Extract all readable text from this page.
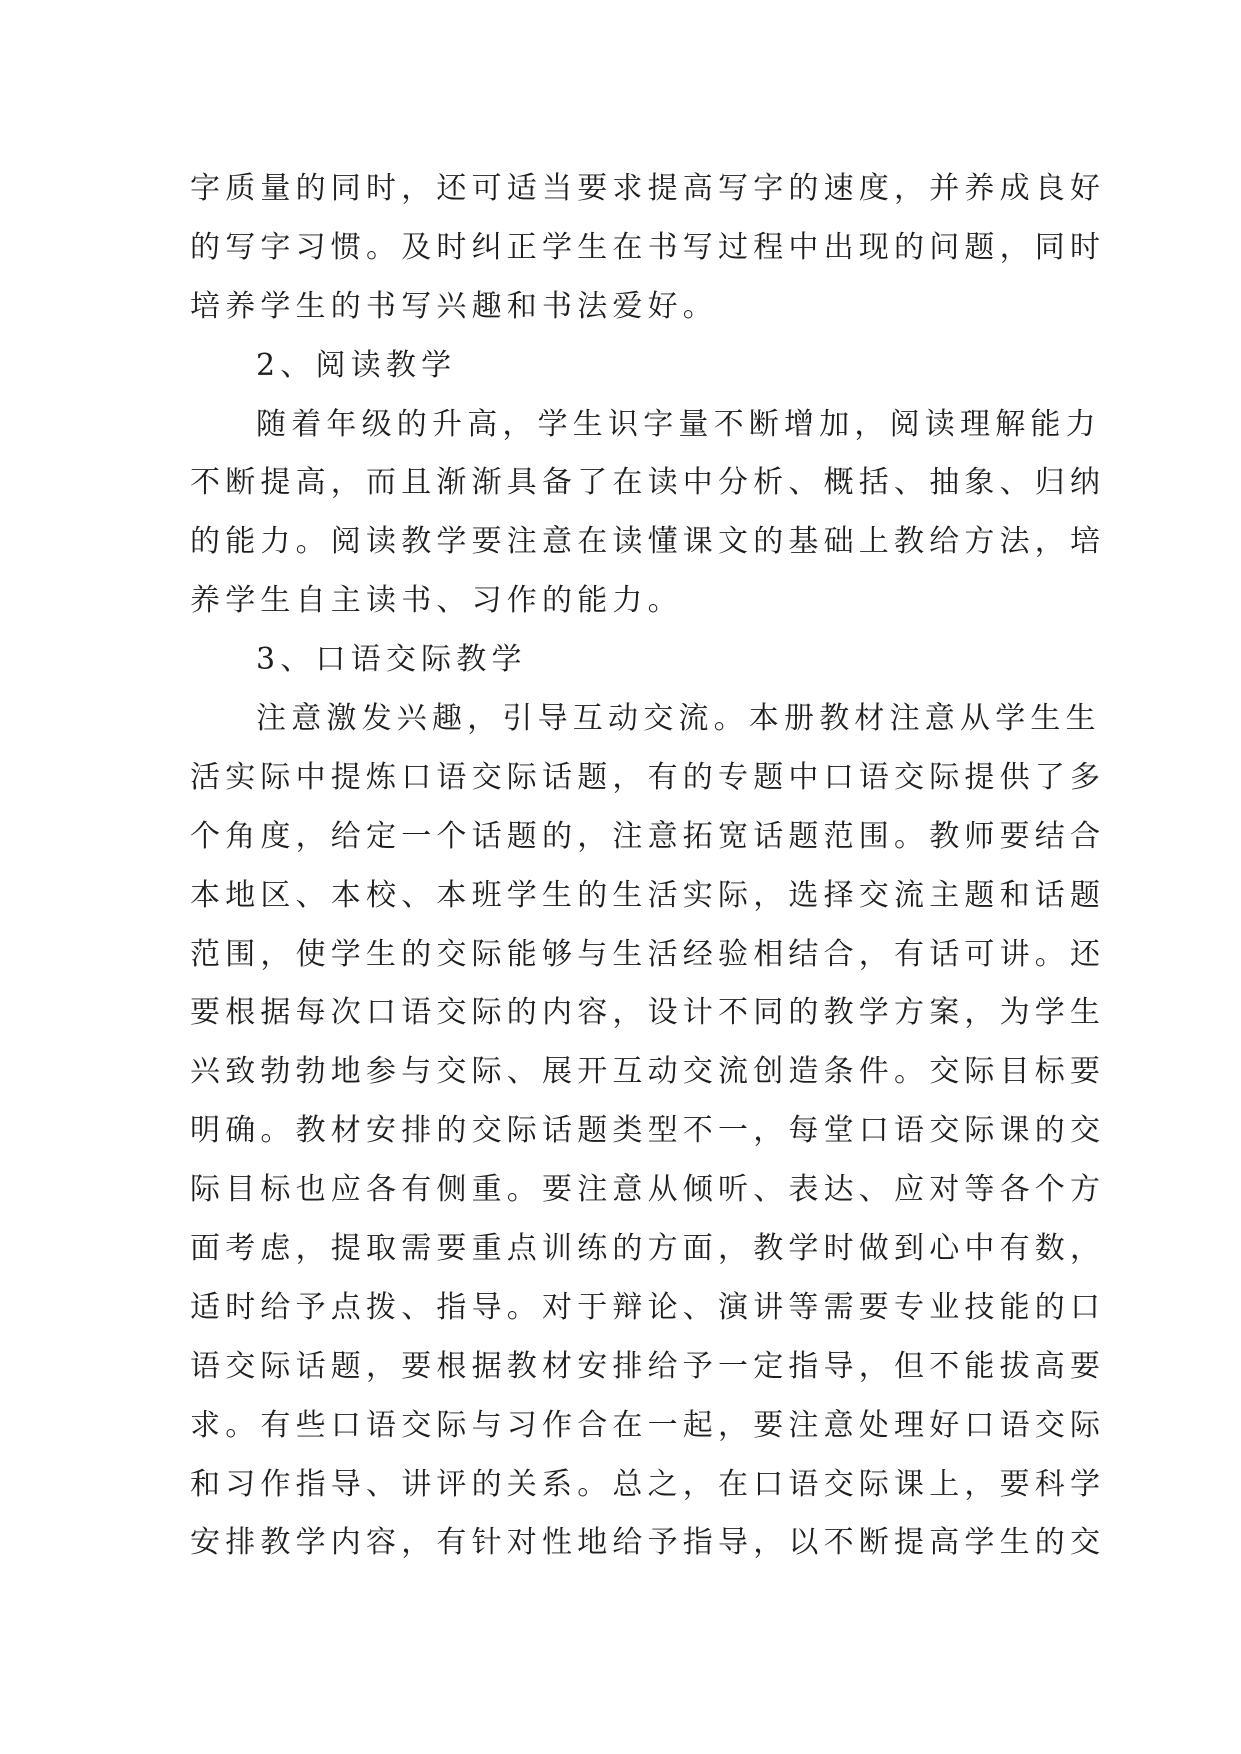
字质量的同时，还可适当要求提高写字的速度，并养成良好
的写字习惯。及时纠正学生在书写过程中出现的问题，同时
培养学生的书写兴趣和书法爱好。
2、阅读教学
随着年级的升高，学生识字量不断增加，阅读理解能力
不断提高，而且渐渐具备了在读中分析、概括、抽象、归纳
的能力。阅读教学要注意在读懂课文的基础上教给方法，培
养学生自主读书、习作的能力。
3、口语交际教学
注意激发兴趣，引导互动交流。本册教材注意从学生生
活实际中提炼口语交际话题，有的专题中口语交际提供了多
个角度，给定一个话题的，注意拓宽话题范围。教师要结合
本地区、本校、本班学生的生活实际，选择交流主题和话题
范围，使学生的交际能够与生活经验相结合，有话可讲。还
要根据每次口语交际的内容，设计不同的教学方案，为学生
兴致勃勃地参与交际、展开互动交流创造条件。交际目标要
明确。教材安排的交际话题类型不一，每堂口语交际课的交
际目标也应各有侧重。要注意从倾听、表达、应对等各个方
面考虑，提取需要重点训练的方面，教学时做到心中有数，
适时给予点拨、指导。对于辩论、演讲等需要专业技能的口
语交际话题，要根据教材安排给予一定指导，但不能拔高要
求。有些口语交际与习作合在一起，要注意处理好口语交际
和习作指导、讲评的关系。总之，在口语交际课上，要科学
安排教学内容，有针对性地给予指导，以不断提高学生的交
